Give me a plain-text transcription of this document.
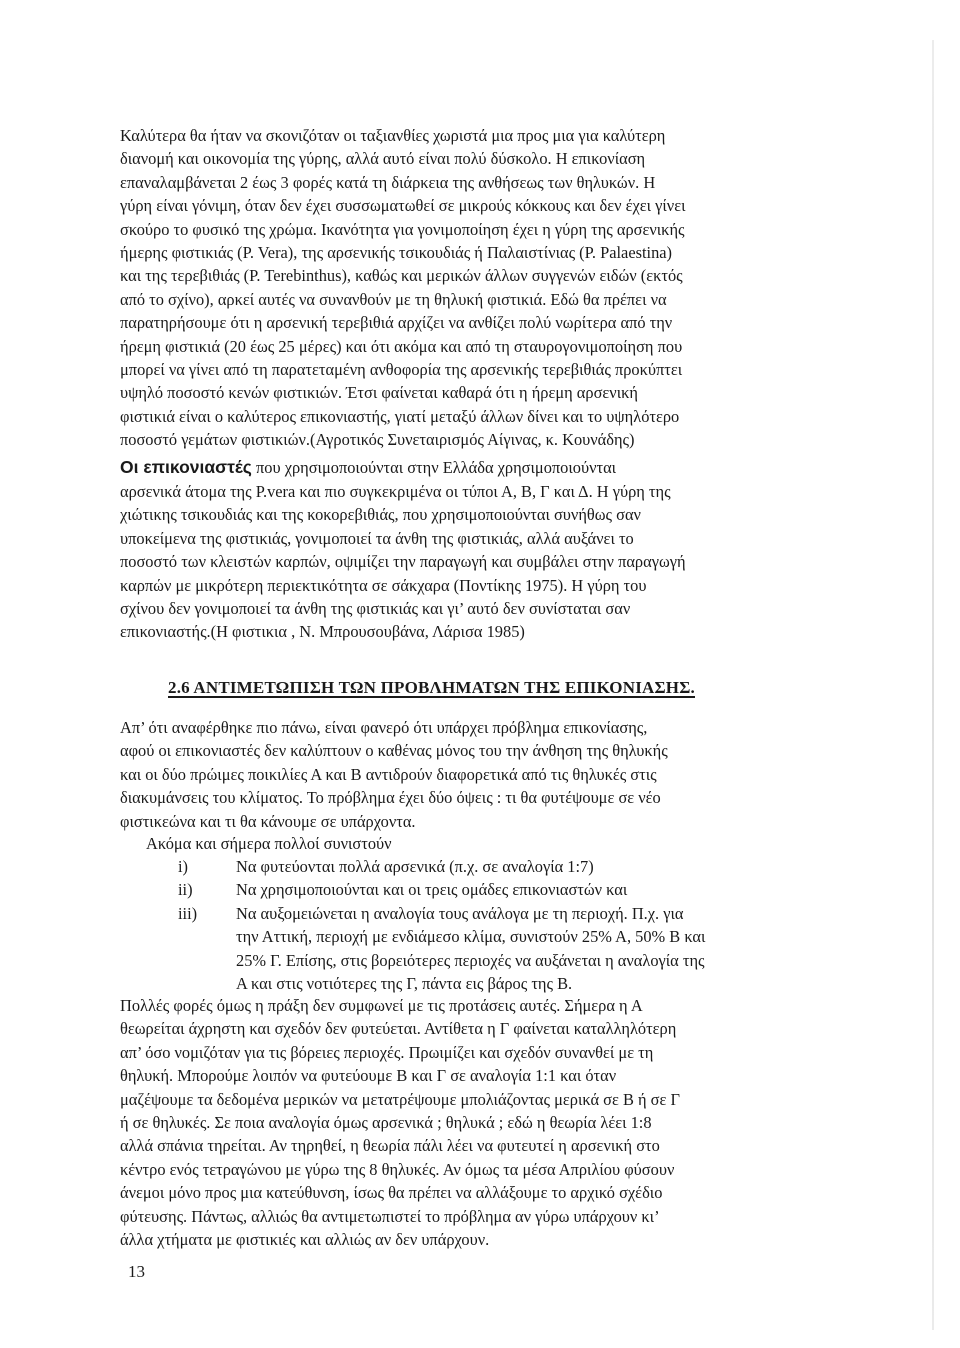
Καλύτερα θα ήταν να σκονιζόταν οι ταξιανθίες χωριστά μια προς μια για καλύτερη
διανομή και οικονομία της γύρης, αλλά αυτό είναι πολύ δύσκολο. Η επικονίαση
επαναλαμβάνεται 2 έως 3 φορές κατά τη διάρκεια της ανθήσεως των θηλυκών. Η
γύρη είναι γόνιμη, όταν δεν έχει συσσωματωθεί σε μικρούς κόκκους και δεν έχει γίνει
σκούρο το φυσικό της χρώμα. Ικανότητα για γονιμοποίηση έχει η γύρη της αρσενικής
ήμερης φιστικιάς (P. Vera), της αρσενικής τσικουδιάς ή Παλαιστίνιας (P. Palaestina)
και της τερεβιθιάς (P. Terebinthus), καθώς και μερικών άλλων συγγενών ειδών (εκτός
από το σχίνο), αρκεί αυτές να συνανθούν με τη θηλυκή φιστικιά. Εδώ θα πρέπει να
παρατηρήσουμε ότι η αρσενική τερεβιθιά αρχίζει να ανθίζει πολύ νωρίτερα από την
ήρεμη φιστικιά (20 έως 25 μέρες) και ότι ακόμα και από τη σταυρογονιμοποίηση που
μπορεί να γίνει από τη παρατεταμένη ανθοφορία της αρσενικής τερεβιθιάς προκύπτει
υψηλό ποσοστό κενών φιστικιών. Έτσι φαίνεται καθαρά ότι η ήρεμη αρσενική
φιστικιά είναι ο καλύτερος επικονιαστής, γιατί μεταξύ άλλων δίνει και το υψηλότερο
ποσοστό γεμάτων φιστικιών.(Αγροτικός Συνεταιρισμός Αίγινας, κ. Κουνάδης)
Οι επικονιαστές που χρησιμοποιούνται στην Ελλάδα χρησιμοποιούνται
αρσενικά άτομα της P.vera και πιο συγκεκριμένα οι τύποι Α, Β, Γ και Δ. Η γύρη της
χιώτικης τσικουδιάς και της κοκορεβιθιάς, που χρησιμοποιούνται συνήθως σαν
υποκείμενα της φιστικιάς, γονιμοποιεί τα άνθη της φιστικιάς, αλλά αυξάνει το
ποσοστό των κλειστών καρπών, οψιμίζει την παραγωγή και συμβάλει στην παραγωγή
καρπών με μικρότερη περιεκτικότητα σε σάκχαρα (Ποντίκης 1975). Η γύρη του
σχίνου δεν γονιμοποιεί τα άνθη της φιστικιάς και γι’ αυτό δεν συνίσταται σαν
επικονιαστής.(Η φιστικια , Ν. Μπρουσουβάνα, Λάρισα 1985)
2.6 ΑΝΤΙΜΕΤΩΠΙΣΗ ΤΩΝ ΠΡΟΒΛΗΜΑΤΩΝ ΤΗΣ ΕΠΙΚΟΝΙΑΣΗΣ.
Απ’ ότι αναφέρθηκε πιο πάνω, είναι φανερό ότι υπάρχει πρόβλημα επικονίασης,
αφού οι επικονιαστές δεν καλύπτουν ο καθένας μόνος του την άνθηση της θηλυκής
και οι δύο πρώιμες ποικιλίες Α και Β αντιδρούν διαφορετικά από τις θηλυκές στις
διακυμάνσεις του κλίματος. Το πρόβλημα έχει δύο όψεις : τι θα φυτέψουμε σε νέο
φιστικεώνα και τι θα κάνουμε σε υπάρχοντα.
Ακόμα και σήμερα πολλοί συνιστούν
i)	Να φυτεύονται πολλά αρσενικά (π.χ. σε αναλογία 1:7)
ii)	Να χρησιμοποιούνται και οι τρεις ομάδες επικονιαστών και
iii)	Να αυξομειώνεται η αναλογία τους ανάλογα με τη περιοχή. Π.χ. για
την Αττική, περιοχή με ενδιάμεσο κλίμα, συνιστούν 25% Α, 50% Β και
25% Γ. Επίσης, στις βορειότερες περιοχές να αυξάνεται η αναλογία της
Α και στις νοτιότερες της Γ, πάντα εις βάρος της Β.
Πολλές φορές όμως η πράξη δεν συμφωνεί με τις προτάσεις αυτές. Σήμερα η Α
θεωρείται άχρηστη και σχεδόν δεν φυτεύεται. Αντίθετα η Γ φαίνεται καταλληλότερη
απ’ όσο νομιζόταν για τις βόρειες περιοχές. Πρωιμίζει και σχεδόν συνανθεί με τη
θηλυκή. Μπορούμε λοιπόν να φυτεύουμε Β και Γ σε αναλογία 1:1 και όταν
μαζέψουμε τα δεδομένα μερικών να μετατρέψουμε μπολιάζοντας μερικά σε Β ή σε Γ
ή σε θηλυκές. Σε ποια αναλογία όμως αρσενικά ; θηλυκά ; εδώ η θεωρία λέει 1:8
αλλά σπάνια τηρείται. Αν τηρηθεί, η θεωρία πάλι λέει να φυτευτεί η αρσενική στο
κέντρο ενός τετραγώνου με γύρω της 8 θηλυκές. Αν όμως τα μέσα Απριλίου φύσουν
άνεμοι μόνο προς μια κατεύθυνση, ίσως θα πρέπει να αλλάξουμε το αρχικό σχέδιο
φύτευσης. Πάντως, αλλιώς θα αντιμετωπιστεί το πρόβλημα αν γύρω υπάρχουν κι’
άλλα χτήματα με φιστικιές και αλλιώς αν δεν υπάρχουν.
13
